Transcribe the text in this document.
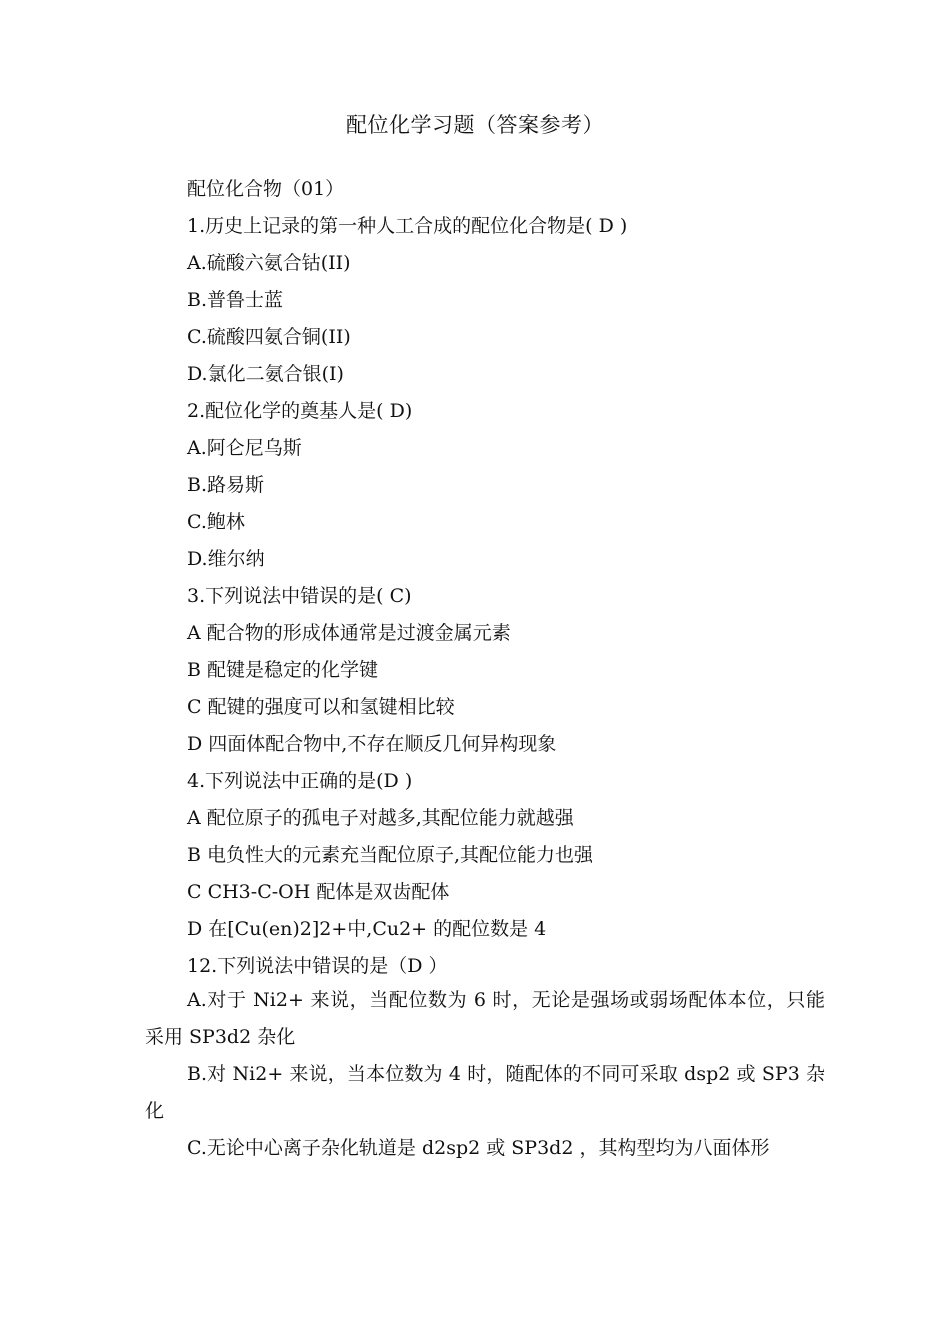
配位化学习题（答案参考）
配位化合物（01）
1.历史上记录的第一种人工合成的配位化合物是( D )
A.硫酸六氨合钴(II)
B.普鲁士蓝
C.硫酸四氨合铜(II)
D.氯化二氨合银(I)
2.配位化学的奠基人是( D)
A.阿仑尼乌斯
B.路易斯
C.鲍林
D.维尔纳
3.下列说法中错误的是( C)
A 配合物的形成体通常是过渡金属元素
B 配键是稳定的化学键
C 配键的强度可以和氢键相比较
D 四面体配合物中,不存在顺反几何异构现象
4.下列说法中正确的是(D )
A 配位原子的孤电子对越多,其配位能力就越强
B 电负性大的元素充当配位原子,其配位能力也强
C CH3-C-OH 配体是双齿配体
D 在[Cu(en)2]2+中,Cu2+ 的配位数是 4
12.下列说法中错误的是（D ）
A.对于 Ni2+ 来说，当配位数为 6 时，无论是强场或弱场配体本位，只能采用 SP3d2 杂化
B.对 Ni2+ 来说，当本位数为 4 时，随配体的不同可采取 dsp2 或 SP3 杂化
C.无论中心离子杂化轨道是 d2sp2 或 SP3d2 ，其构型均为八面体形
